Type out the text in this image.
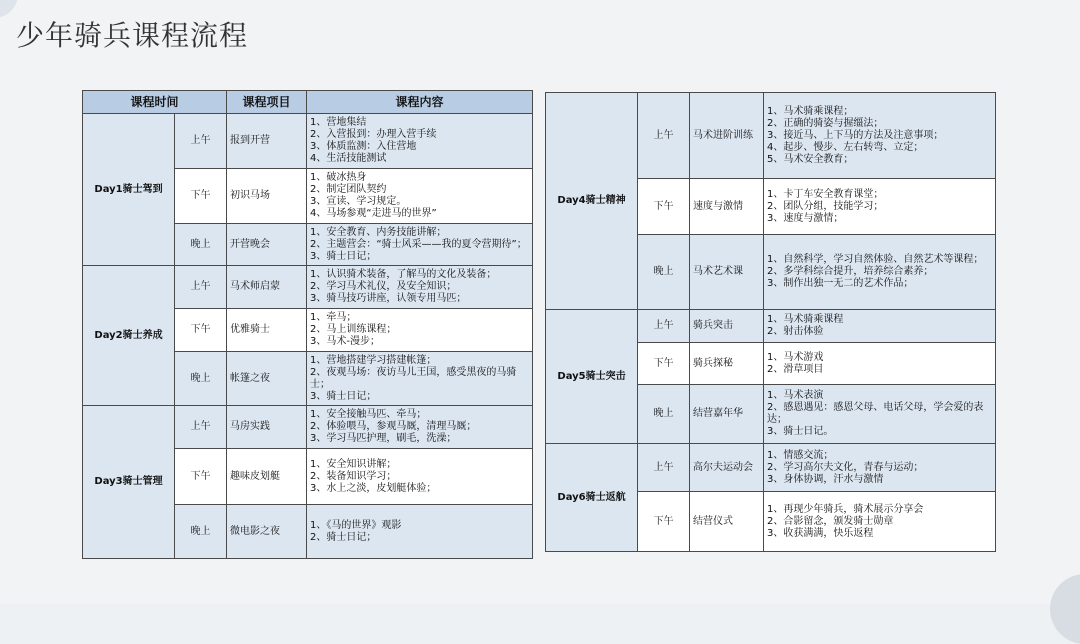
少年骑兵课程流程
课程时间		课程项目	课程内容
Day1骑士驾到	上午	报到开营	1、营地集结
2、入营报到：办理入营手续
3、体质监测：入住营地
4、生活技能测试

	下午	初识马场	1、破冰热身
2、制定团队契约
3、宣读、学习规定。
4、马场参观“走进马的世界”

	晚上	开营晚会	1、安全教育、内务技能讲解；
2、主题营会：“骑士风采——我的夏令营期待”；
3、骑士日记；

Day2骑士养成	上午	马术师启蒙	1、认识骑术装备，了解马的文化及装备；
2、学习马术礼仪，及安全知识；
3、骑马技巧讲座，认领专用马匹；

	下午	优雅骑士	1、牵马；
2、马上训练课程；
3、马术-漫步；

	晚上	帐篷之夜	1、营地搭建学习搭建帐篷；
2、夜观马场：夜访马儿王国，感受黑夜的马骑士；
3、骑士日记；

Day3骑士管理	上午	马房实践	1、安全接触马匹、牵马；
2、体验喂马，参观马厩，清理马厩；
3、学习马匹护理，刷毛，洗澡；

	下午	趣味皮划艇	1、安全知识讲解；
2、装备知识学习；
3、水上之淡，皮划艇体验；

	晚上	微电影之夜	1、《马的世界》观影
2、骑士日记；
Day4骑士精神	上午	马术进阶训练	1、马术骑乘课程；
2、正确的骑姿与握缰法；
3、接近马、上下马的方法及注意事项；
4、起步、慢步、左右转弯、立定；
5、马术安全教育；

	下午	速度与激情	1、卡丁车安全教育课堂；
2、团队分组，技能学习；
3、速度与激情；

	晚上	马术艺术课	1、自然科学，学习自然体验、自然艺术等课程；
2、多学科综合提升，培养综合素养；
3、制作出独一无二的艺术作品；

Day5骑士突击	上午	骑兵突击	1、马术骑乘课程
2、射击体验

	下午	骑兵探秘	1、马术游戏
2、滑草项目

	晚上	结营嘉年华	1、马术表演
2、感恩遇见：感恩父母、电话父母，学会爱的表达；
3、骑士日记。

Day6骑士返航	上午	高尔夫运动会	1、情感交流；
2、学习高尔夫文化，青春与运动；
3、身体协调，汗水与激情

	下午	结营仪式	1、再现少年骑兵，骑术展示分享会
2、合影留念，颁发骑士勋章
3、收获满满，快乐返程
